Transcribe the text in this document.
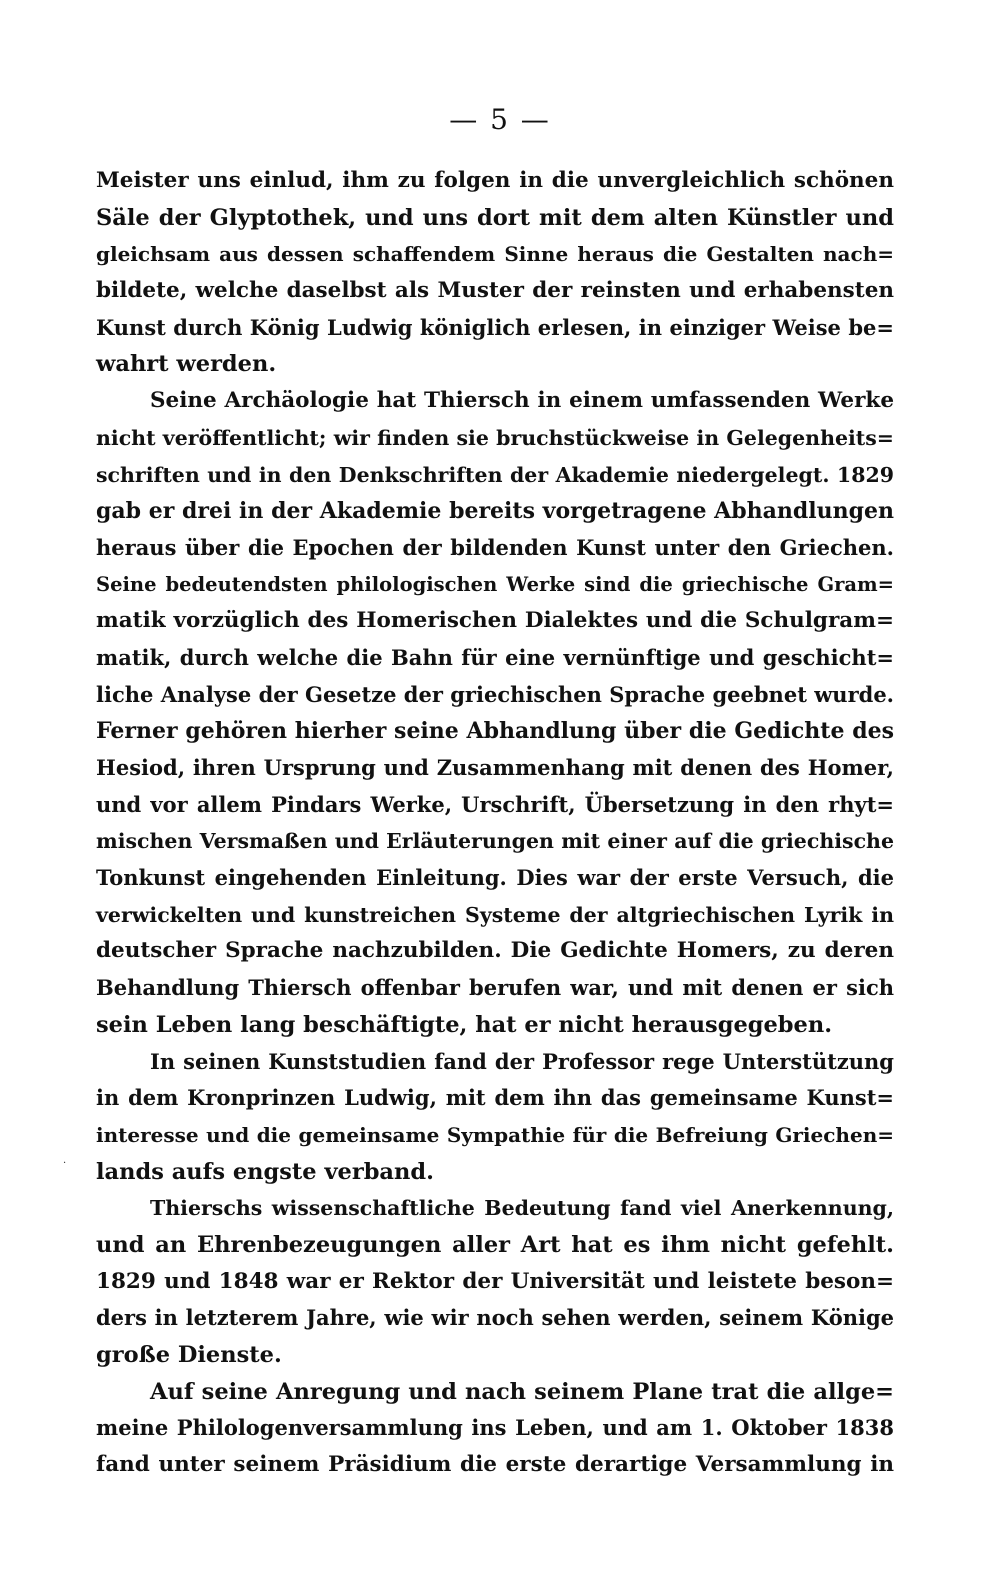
— 5 —
Meister uns einlud, ihm zu folgen in die unvergleichlich schönen
Säle der Glyptothek, und uns dort mit dem alten Künstler und
gleichsam aus dessen schaffendem Sinne heraus die Gestalten nach=
bildete, welche daselbst als Muster der reinsten und erhabensten
Kunst durch König Ludwig königlich erlesen, in einziger Weise be=
wahrt werden.
Seine Archäologie hat Thiersch in einem umfassenden Werke
nicht veröffentlicht; wir finden sie bruchstückweise in Gelegenheits=
schriften und in den Denkschriften der Akademie niedergelegt. 1829
gab er drei in der Akademie bereits vorgetragene Abhandlungen
heraus über die Epochen der bildenden Kunst unter den Griechen.
Seine bedeutendsten philologischen Werke sind die griechische Gram=
matik vorzüglich des Homerischen Dialektes und die Schulgram=
matik, durch welche die Bahn für eine vernünftige und geschicht=
liche Analyse der Gesetze der griechischen Sprache geebnet wurde.
Ferner gehören hierher seine Abhandlung über die Gedichte des
Hesiod, ihren Ursprung und Zusammenhang mit denen des Homer,
und vor allem Pindars Werke, Urschrift, Übersetzung in den rhyt=
mischen Versmaßen und Erläuterungen mit einer auf die griechische
Tonkunst eingehenden Einleitung. Dies war der erste Versuch, die
verwickelten und kunstreichen Systeme der altgriechischen Lyrik in
deutscher Sprache nachzubilden. Die Gedichte Homers, zu deren
Behandlung Thiersch offenbar berufen war, und mit denen er sich
sein Leben lang beschäftigte, hat er nicht herausgegeben.
In seinen Kunststudien fand der Professor rege Unterstützung
in dem Kronprinzen Ludwig, mit dem ihn das gemeinsame Kunst=
interesse und die gemeinsame Sympathie für die Befreiung Griechen=
lands aufs engste verband.
Thierschs wissenschaftliche Bedeutung fand viel Anerkennung,
und an Ehrenbezeugungen aller Art hat es ihm nicht gefehlt.
1829 und 1848 war er Rektor der Universität und leistete beson=
ders in letzterem Jahre, wie wir noch sehen werden, seinem Könige
große Dienste.
Auf seine Anregung und nach seinem Plane trat die allge=
meine Philologenversammlung ins Leben, und am 1. Oktober 1838
fand unter seinem Präsidium die erste derartige Versammlung in
·
